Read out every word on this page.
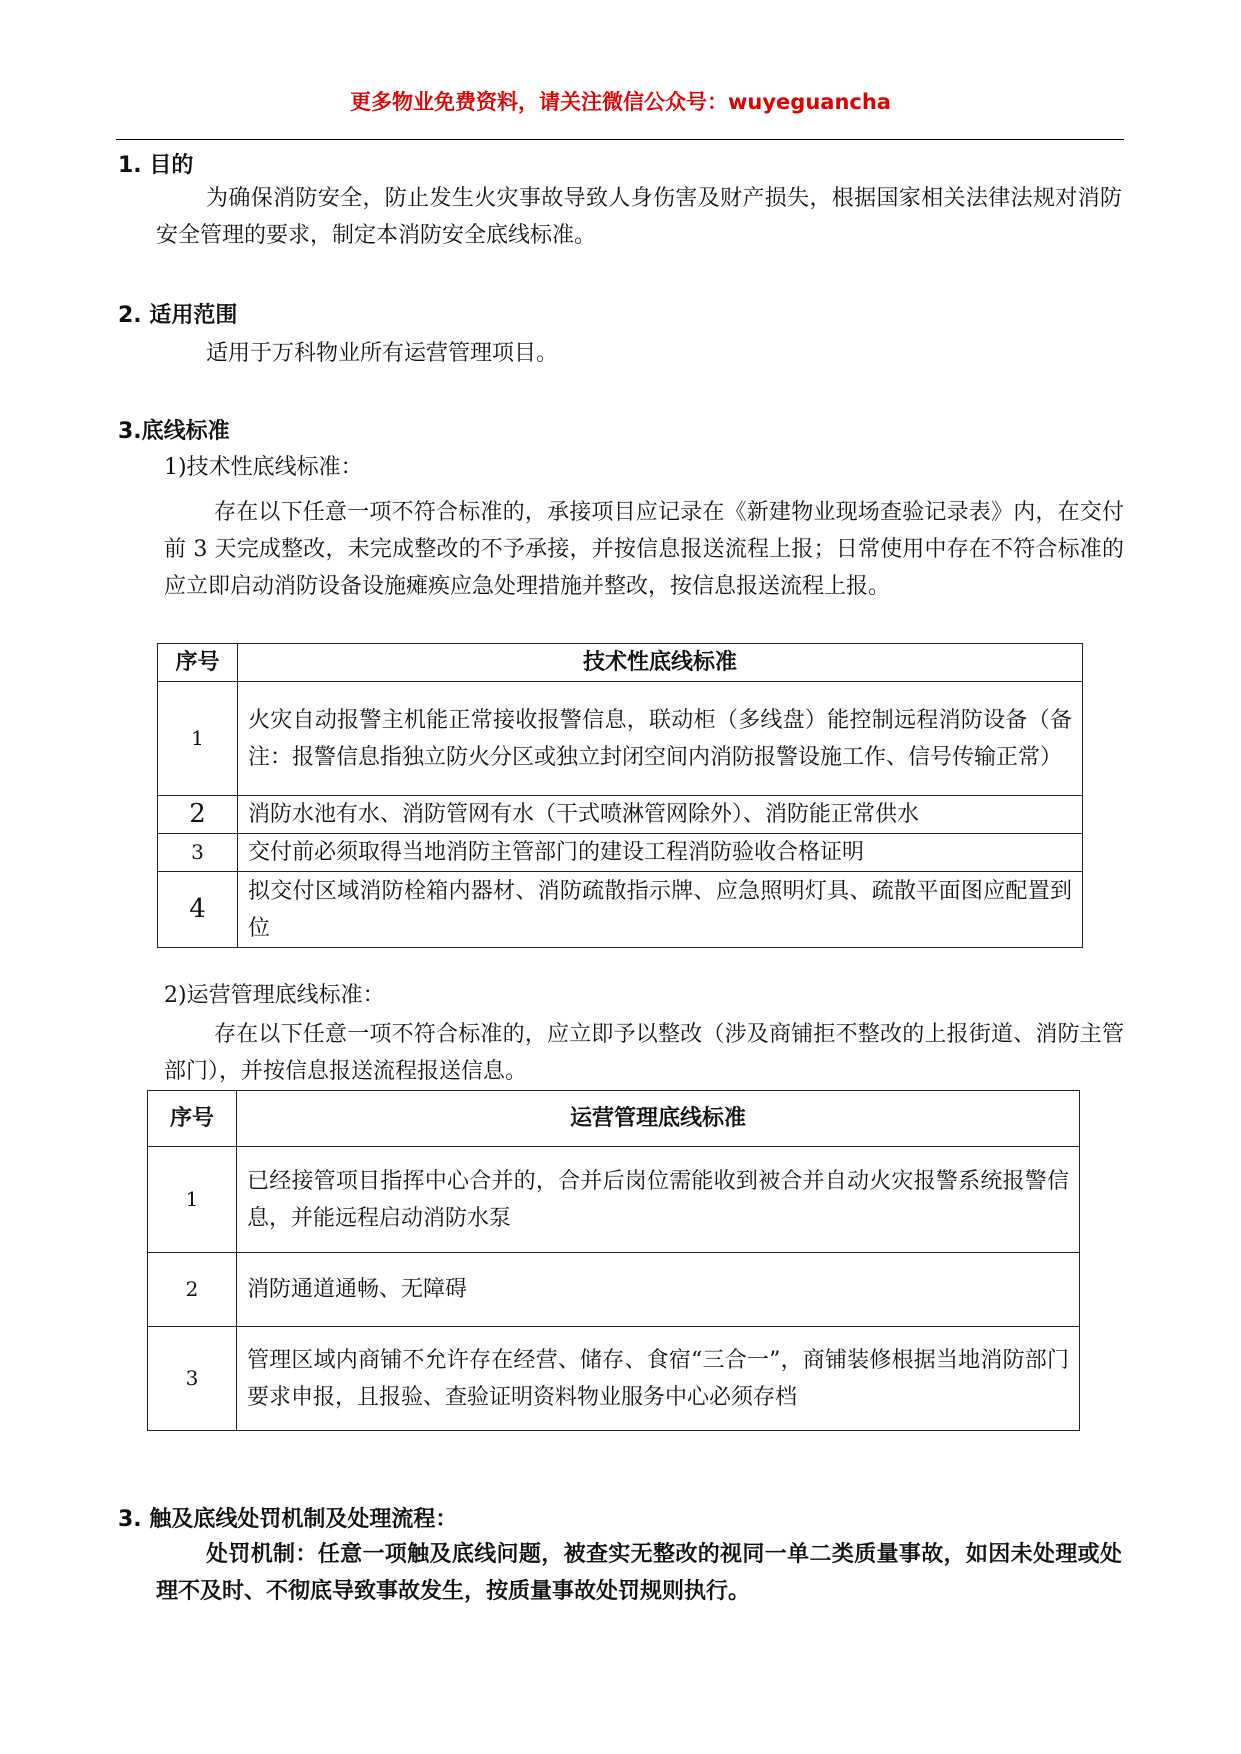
更多物业免费资料，请关注微信公众号：wuyeguancha
1. 目的
为确保消防安全，防止发生火灾事故导致人身伤害及财产损失，根据国家相关法律法规对消防安全管理的要求，制定本消防安全底线标准。
2. 适用范围
适用于万科物业所有运营管理项目。
3.底线标准
1)技术性底线标准：
存在以下任意一项不符合标准的，承接项目应记录在《新建物业现场查验记录表》内，在交付前 3 天完成整改，未完成整改的不予承接，并按信息报送流程上报；日常使用中存在不符合标准的应立即启动消防设备设施瘫痪应急处理措施并整改，按信息报送流程上报。
序号	技术性底线标准
1	火灾自动报警主机能正常接收报警信息，联动柜（多线盘）能控制远程消防设备（备注：报警信息指独立防火分区或独立封闭空间内消防报警设施工作、信号传输正常）
2	消防水池有水、消防管网有水（干式喷淋管网除外）、消防能正常供水
3	交付前必须取得当地消防主管部门的建设工程消防验收合格证明
4	拟交付区域消防栓箱内器材、消防疏散指示牌、应急照明灯具、疏散平面图应配置到位
2)运营管理底线标准：
存在以下任意一项不符合标准的，应立即予以整改（涉及商铺拒不整改的上报街道、消防主管部门），并按信息报送流程报送信息。
序号	运营管理底线标准
1	已经接管项目指挥中心合并的，合并后岗位需能收到被合并自动火灾报警系统报警信息，并能远程启动消防水泵
2	消防通道通畅、无障碍
3	管理区域内商铺不允许存在经营、储存、食宿“三合一”，商铺装修根据当地消防部门要求申报，且报验、查验证明资料物业服务中心必须存档
3. 触及底线处罚机制及处理流程：
处罚机制：任意一项触及底线问题，被查实无整改的视同一单二类质量事故，如因未处理或处理不及时、不彻底导致事故发生，按质量事故处罚规则执行。
